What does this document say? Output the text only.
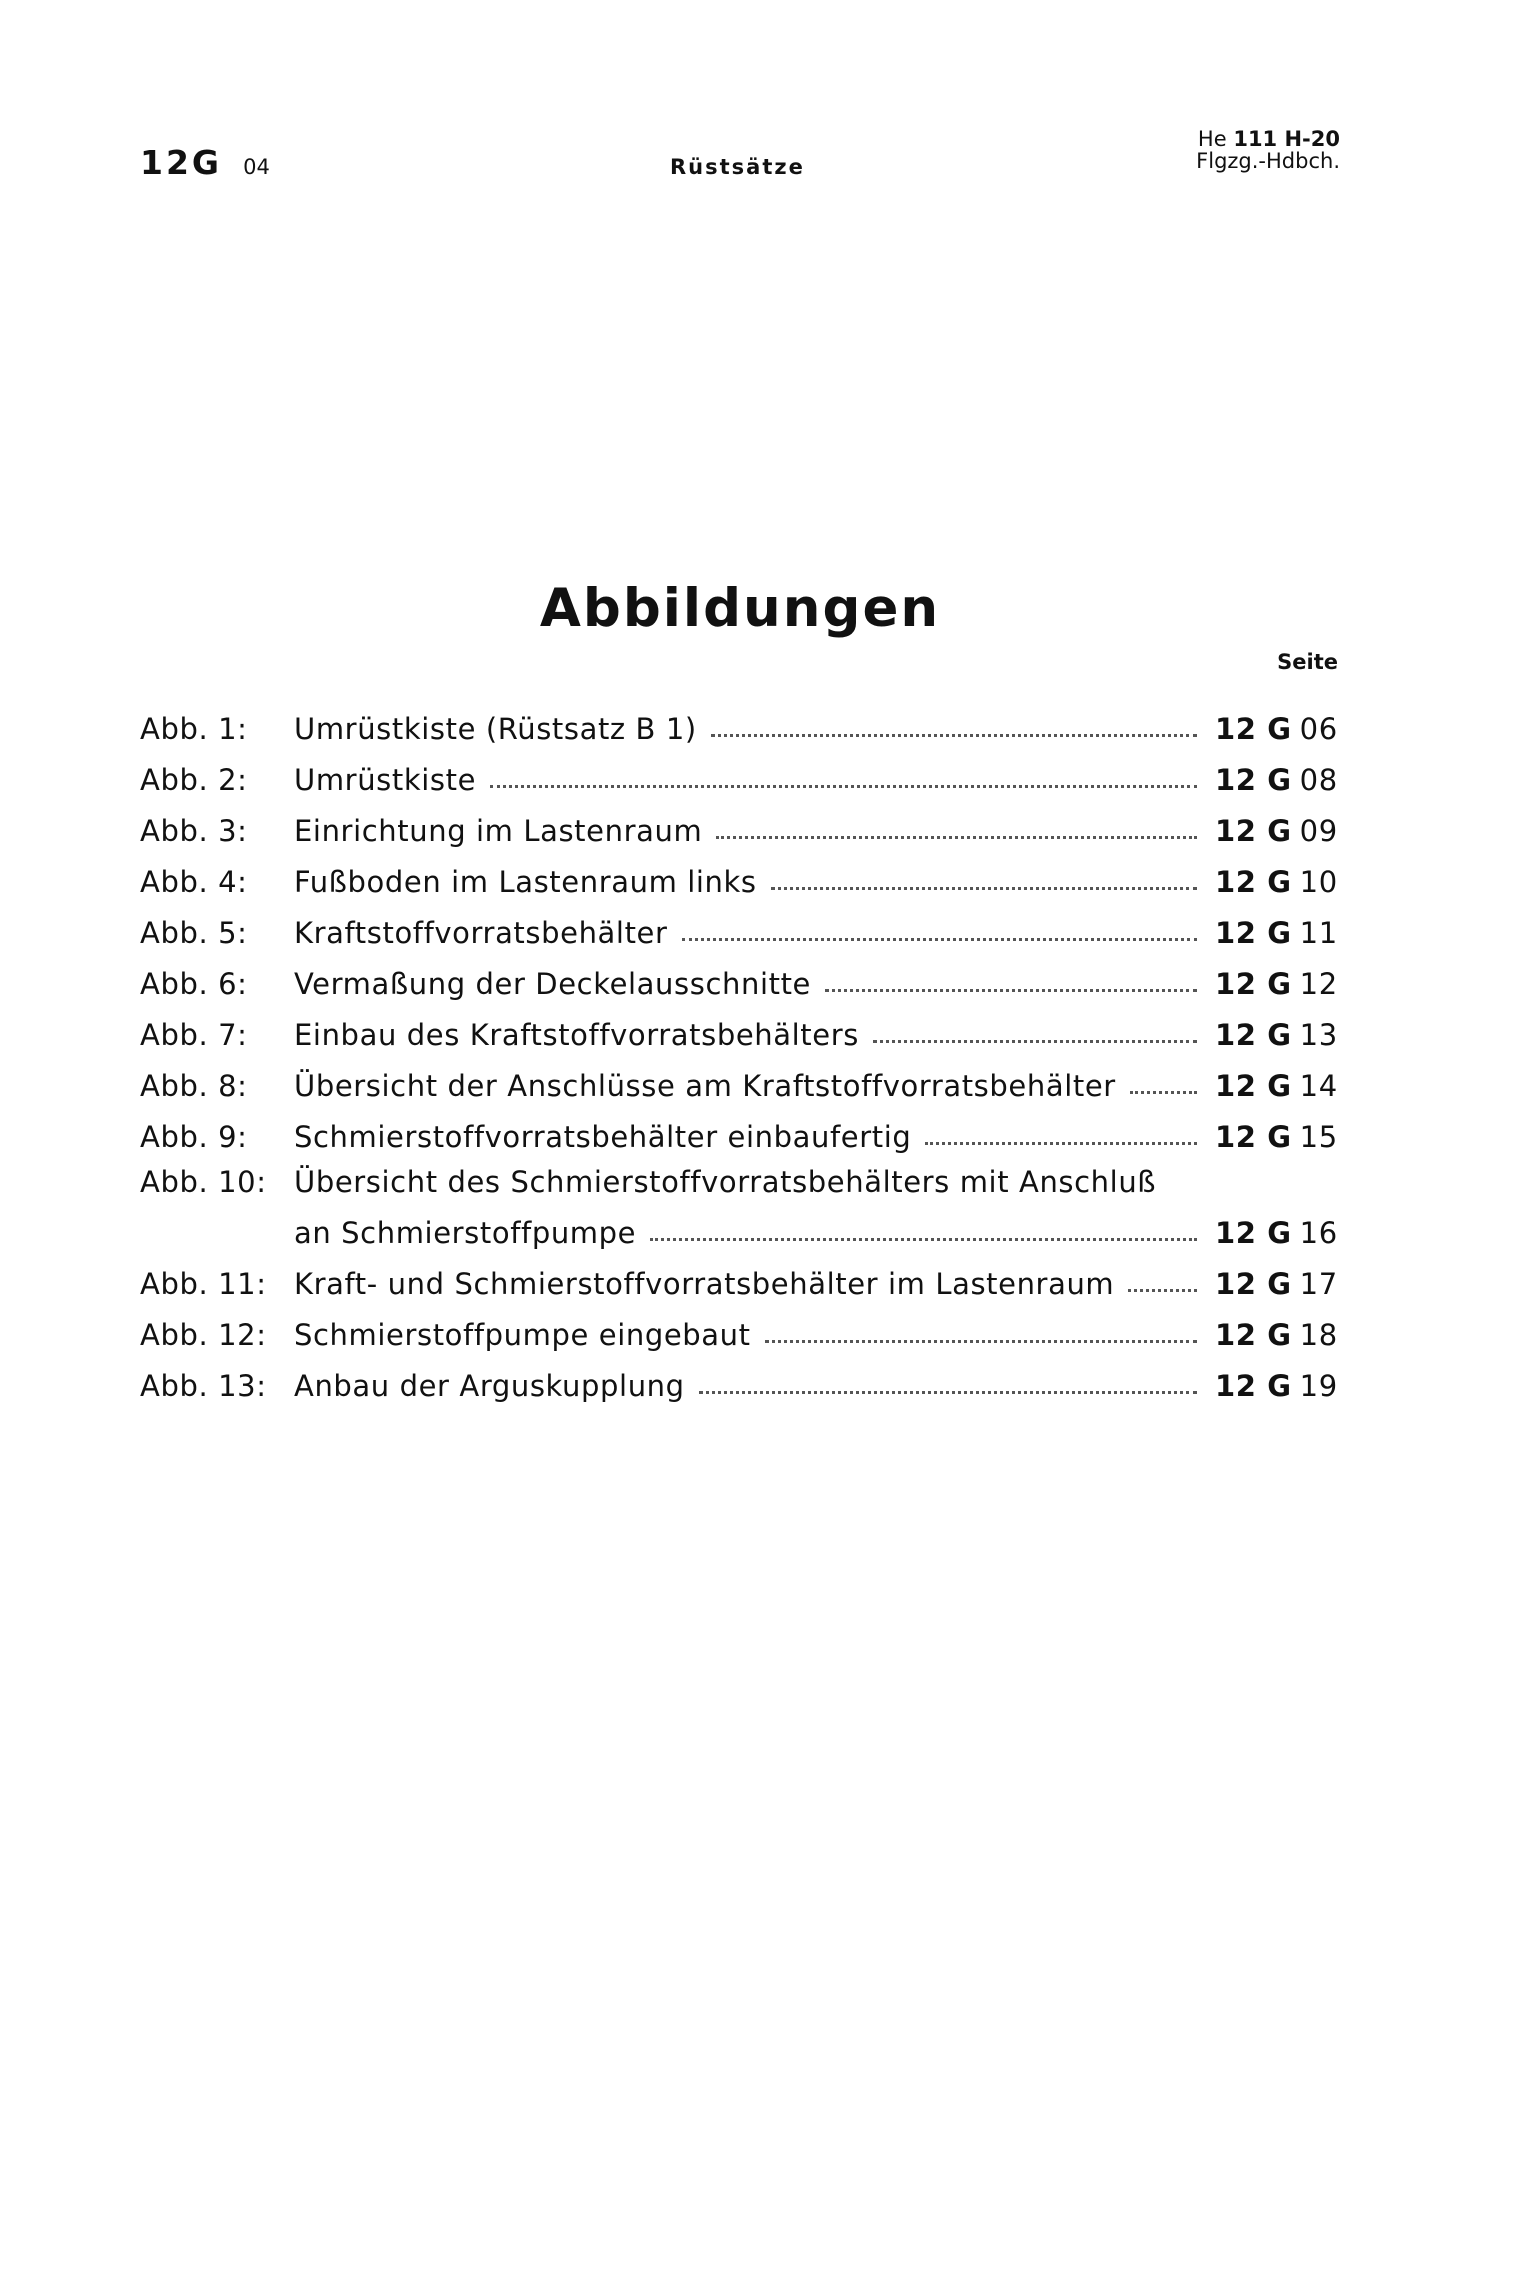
12G 04	Rüstsätze
He 111 H-20
Flgzg.-Hdbch.
Abbildungen
Seite
Abb. 1:	Umrüstkiste (Rüstsatz B 1)	12 G 06
Abb. 2:	Umrüstkiste	12 G 08
Abb. 3:	Einrichtung im Lastenraum	12 G 09
Abb. 4:	Fußboden im Lastenraum links	12 G 10
Abb. 5:	Kraftstoffvorratsbehälter	12 G 11
Abb. 6:	Vermaßung der Deckelausschnitte	12 G 12
Abb. 7:	Einbau des Kraftstoffvorratsbehälters	12 G 13
Abb. 8:	Übersicht der Anschlüsse am Kraftstoffvorratsbehälter	12 G 14
Abb. 9:	Schmierstoffvorratsbehälter einbaufertig	12 G 15
Abb. 10: Übersicht des Schmierstoffvorratsbehälters mit Anschluß
an Schmierstoffpumpe	12 G 16
Abb. 11: Kraft- und Schmierstoffvorratsbehälter im Lastenraum	12 G 17
Abb. 12: Schmierstoffpumpe eingebaut	12 G 18
Abb. 13: Anbau der Arguskupplung	12 G 19
